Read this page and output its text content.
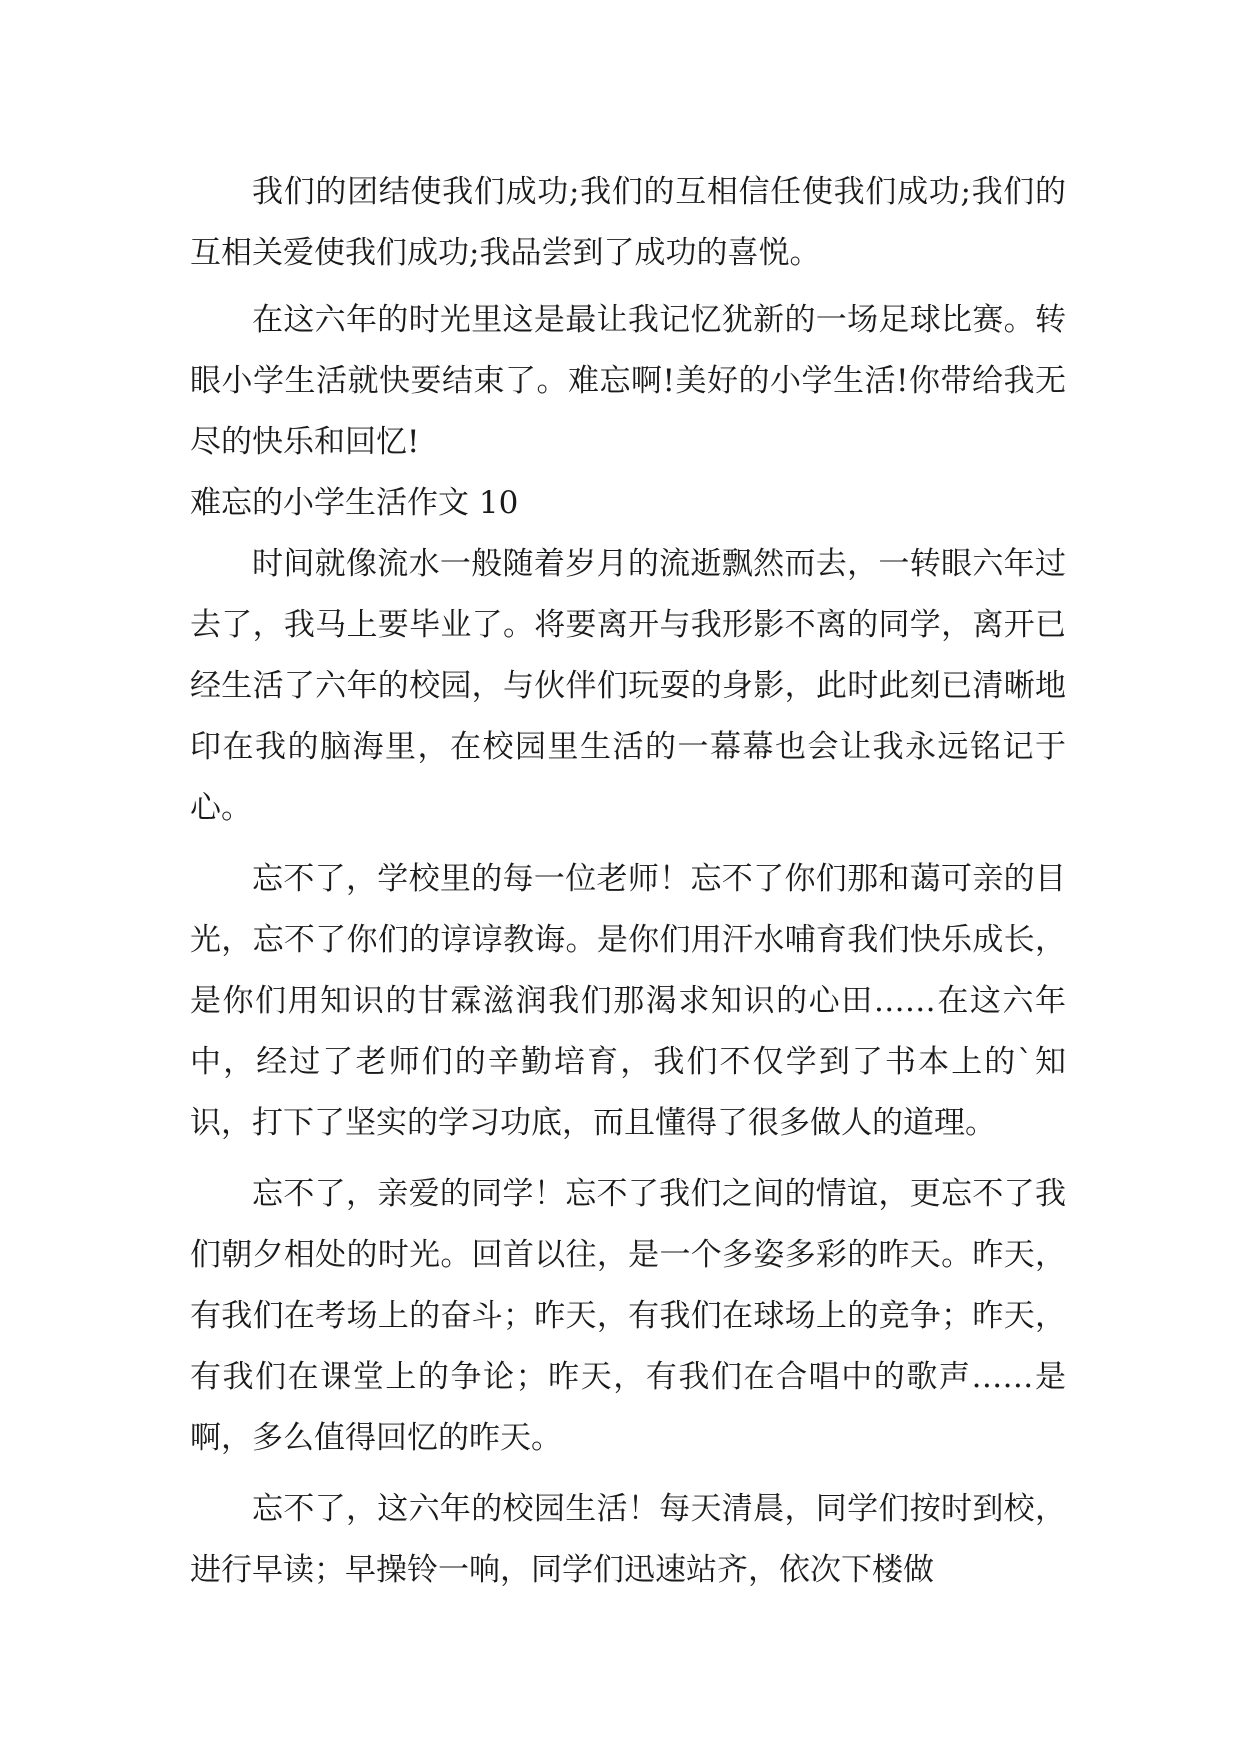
我们的团结使我们成功;我们的互相信任使我们成功;我们的互相关爱使我们成功;我品尝到了成功的喜悦。

在这六年的时光里这是最让我记忆犹新的一场足球比赛。转眼小学生活就快要结束了。难忘啊!美好的小学生活!你带给我无尽的快乐和回忆!

难忘的小学生活作文 10

时间就像流水一般随着岁月的流逝飘然而去，一转眼六年过去了，我马上要毕业了。将要离开与我形影不离的同学，离开已经生活了六年的校园，与伙伴们玩耍的身影，此时此刻已清晰地印在我的脑海里，在校园里生活的一幕幕也会让我永远铭记于心。

忘不了，学校里的每一位老师！忘不了你们那和蔼可亲的目光，忘不了你们的谆谆教诲。是你们用汗水哺育我们快乐成长，是你们用知识的甘霖滋润我们那渴求知识的心田……在这六年中，经过了老师们的辛勤培育，我们不仅学到了书本上的`知识，打下了坚实的学习功底，而且懂得了很多做人的道理。

忘不了，亲爱的同学！忘不了我们之间的情谊，更忘不了我们朝夕相处的时光。回首以往，是一个多姿多彩的昨天。昨天，有我们在考场上的奋斗；昨天，有我们在球场上的竞争；昨天，有我们在课堂上的争论；昨天，有我们在合唱中的歌声……是啊，多么值得回忆的昨天。

忘不了，这六年的校园生活！每天清晨，同学们按时到校，进行早读；早操铃一响，同学们迅速站齐，依次下楼做
